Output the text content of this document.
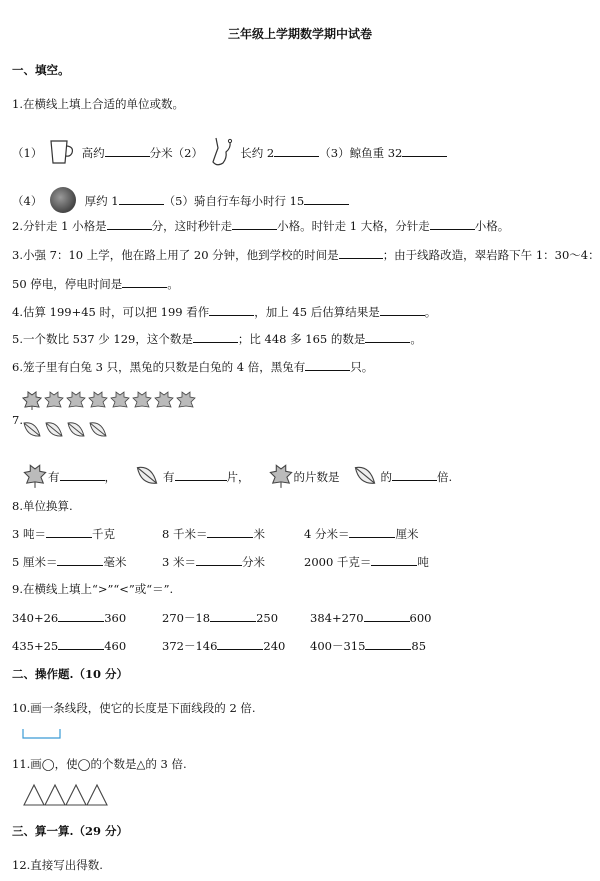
三年级上学期数学期中试卷
一、填空。
1.在横线上填上合适的单位或数。
（1）	高约	分米（2）	长约 2	（3）鲸鱼重 32
（4）	厚约 1	（5）骑自行车每小时行 15
2.分针走 1 小格是	分，这时秒针走	小格。时针走 1 大格，分针走	小格。
3.小强 7：10 上学，他在路上用了 20 分钟，他到学校的时间是	；由于线路改造，翠岩路下午 1：30～4：
50 停电，停电时间是	。
4.估算 199+45 时，可以把 199 看作	，加上 45 后估算结果是	。
5.一个数比 537 少 129，这个数是	；比 448 多 165 的数是	。
6.笼子里有白兔 3 只，黑兔的只数是白兔的 4 倍，黑兔有	只。
7.
有	，	有	片，	的片数是	的	倍.
8.单位换算.
3 吨＝	千克	8 千米＝	米	4 分米＝	厘米
5 厘米＝	毫米	3 米＝	分米	2000 千克＝	吨
9.在横线上填上“>”“<”或“＝”.
340+26	360	270－18	250	384+270	600
435+25	460	372－146	240 400－315	85
二、操作题.（10 分）
10.画一条线段，使它的长度是下面线段的 2 倍.
11.画◯，使◯的个数是△的 3 倍.
三、算一算.（29 分）
12.直接写出得数.
